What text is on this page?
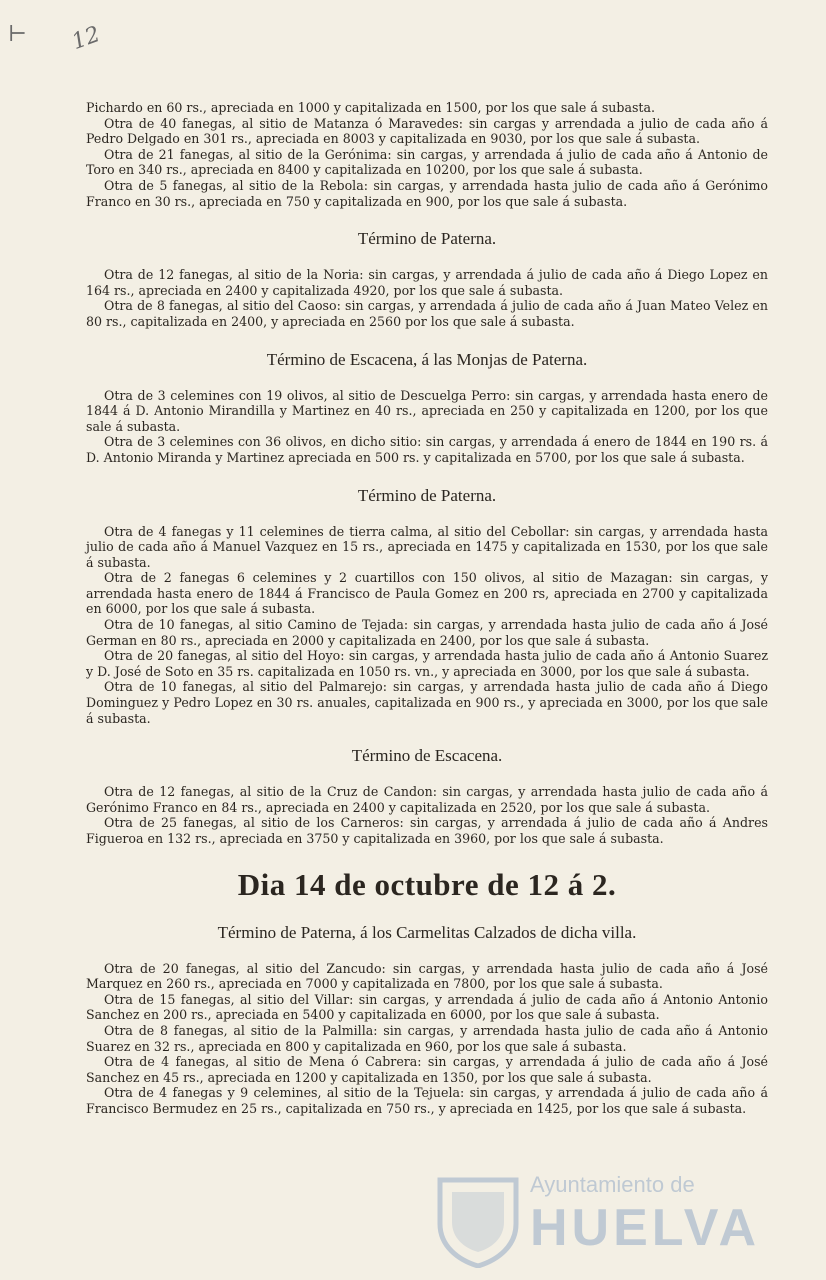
⊢ 12
Pichardo en 60 rs., apreciada en 1000 y capitalizada en 1500, por los que sale á subasta.
Otra de 40 fanegas, al sitio de Matanza ó Maravedes: sin cargas y arrendada a julio de cada año á Pedro Delgado en 301 rs., apreciada en 8003 y capitalizada en 9030, por los que sale á subasta.
Otra de 21 fanegas, al sitio de la Gerónima: sin cargas, y arrendada á julio de cada año á Antonio de Toro en 340 rs., apreciada en 8400 y capitalizada en 10200, por los que sale á subasta.
Otra de 5 fanegas, al sitio de la Rebola: sin cargas, y arrendada hasta julio de cada año á Gerónimo Franco en 30 rs., apreciada en 750 y capitalizada en 900, por los que sale á subasta.
Término de Paterna.
Otra de 12 fanegas, al sitio de la Noria: sin cargas, y arrendada á julio de cada año á Diego Lopez en 164 rs., apreciada en 2400 y capitalizada 4920, por los que sale á subasta.
Otra de 8 fanegas, al sitio del Caoso: sin cargas, y arrendada á julio de cada año á Juan Mateo Velez en 80 rs., capitalizada en 2400, y apreciada en 2560 por los que sale á subasta.
Término de Escacena, á las Monjas de Paterna.
Otra de 3 celemines con 19 olivos, al sitio de Descuelga Perro: sin cargas, y arrendada hasta enero de 1844 á D. Antonio Mirandilla y Martinez en 40 rs., apreciada en 250 y capitalizada en 1200, por los que sale á subasta.
Otra de 3 celemines con 36 olivos, en dicho sitio: sin cargas, y arrendada á enero de 1844 en 190 rs. á D. Antonio Miranda y Martinez apreciada en 500 rs. y capitalizada en 5700, por los que sale á subasta.
Término de Paterna.
Otra de 4 fanegas y 11 celemines de tierra calma, al sitio del Cebollar: sin cargas, y arrendada hasta julio de cada año á Manuel Vazquez en 15 rs., apreciada en 1475 y capitalizada en 1530, por los que sale á subasta.
Otra de 2 fanegas 6 celemines y 2 cuartillos con 150 olivos, al sitio de Mazagan: sin cargas, y arrendada hasta enero de 1844 á Francisco de Paula Gomez en 200 rs, apreciada en 2700 y capitalizada en 6000, por los que sale á subasta.
Otra de 10 fanegas, al sitio Camino de Tejada: sin cargas, y arrendada hasta julio de cada año á José German en 80 rs., apreciada en 2000 y capitalizada en 2400, por los que sale á subasta.
Otra de 20 fanegas, al sitio del Hoyo: sin cargas, y arrendada hasta julio de cada año á Antonio Suarez y D. José de Soto en 35 rs. capitalizada en 1050 rs. vn., y apreciada en 3000, por los que sale á subasta.
Otra de 10 fanegas, al sitio del Palmarejo: sin cargas, y arrendada hasta julio de cada año á Diego Dominguez y Pedro Lopez en 30 rs. anuales, capitalizada en 900 rs., y apreciada en 3000, por los que sale á subasta.
Término de Escacena.
Otra de 12 fanegas, al sitio de la Cruz de Candon: sin cargas, y arrendada hasta julio de cada año á Gerónimo Franco en 84 rs., apreciada en 2400 y capitalizada en 2520, por los que sale á subasta.
Otra de 25 fanegas, al sitio de los Carneros: sin cargas, y arrendada á julio de cada año á Andres Figueroa en 132 rs., apreciada en 3750 y capitalizada en 3960, por los que sale á subasta.
Dia 14 de octubre de 12 á 2.
Término de Paterna, á los Carmelitas Calzados de dicha villa.
Otra de 20 fanegas, al sitio del Zancudo: sin cargas, y arrendada hasta julio de cada año á José Marquez en 260 rs., apreciada en 7000 y capitalizada en 7800, por los que sale á subasta.
Otra de 15 fanegas, al sitio del Villar: sin cargas, y arrendada á julio de cada año á Antonio Antonio Sanchez en 200 rs., apreciada en 5400 y capitalizada en 6000, por los que sale á subasta.
Otra de 8 fanegas, al sitio de la Palmilla: sin cargas, y arrendada hasta julio de cada año á Antonio Suarez en 32 rs., apreciada en 800 y capitalizada en 960, por los que sale á subasta.
Otra de 4 fanegas, al sitio de Mena ó Cabrera: sin cargas, y arrendada á julio de cada año á José Sanchez en 45 rs., apreciada en 1200 y capitalizada en 1350, por los que sale á subasta.
Otra de 4 fanegas y 9 celemines, al sitio de la Tejuela: sin cargas, y arrendada á julio de cada año á Francisco Bermudez en 25 rs., capitalizada en 750 rs., y apreciada en 1425, por los que sale á subasta.
Ayuntamiento de
HUELVA
